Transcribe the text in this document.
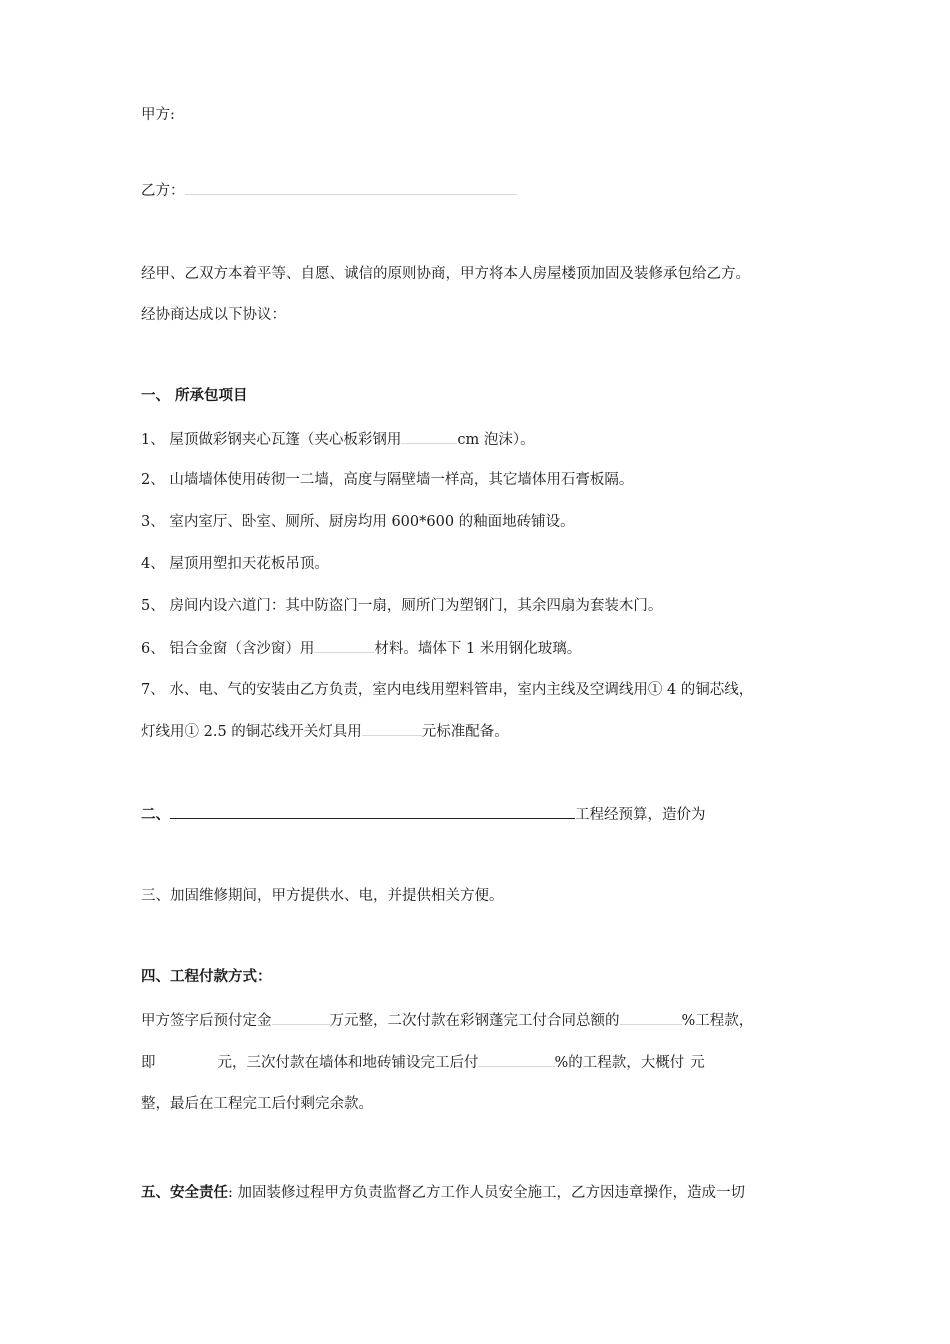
甲方:
乙方：
经甲、乙双方本着平等、自愿、诚信的原则协商，甲方将本人房屋楼顶加固及装修承包给乙方。
经协商达成以下协议：
一、 所承包项目
1、 屋顶做彩钢夹心瓦篷（夹心板彩钢用	cm 泡沫）。
2、 山墙墙体使用砖彻一二墙，高度与隔壁墙一样高，其它墙体用石膏板隔。
3、 室内室厅、卧室、厕所、厨房均用 600*600 的釉面地砖铺设。
4、 屋顶用塑扣天花板吊顶。
5、 房间内设六道门：其中防盗门一扇，厕所门为塑钢门，其余四扇为套装木门。
6、 铝合金窗（含沙窗）用	材料。墙体下 1 米用钢化玻璃。
7、 水、电、气的安装由乙方负责，室内电线用塑料管串，室内主线及空调线用① 4 的铜芯线，
灯线用① 2.5 的铜芯线开关灯具用	元标准配备。
二、	工程经预算，造价为
三、加固维修期间，甲方提供水、电，并提供相关方便。
四、工程付款方式：
甲方签字后预付定金	万元整，二次付款在彩钢蓬完工付合同总额的	%工程款，
即	元，三次付款在墙体和地砖铺设完工后付	%的工程款，大概付 元
整，最后在工程完工后付剩完余款。
五、安全责任: 加固装修过程甲方负责监督乙方工作人员安全施工，乙方因违章操作，造成一切
